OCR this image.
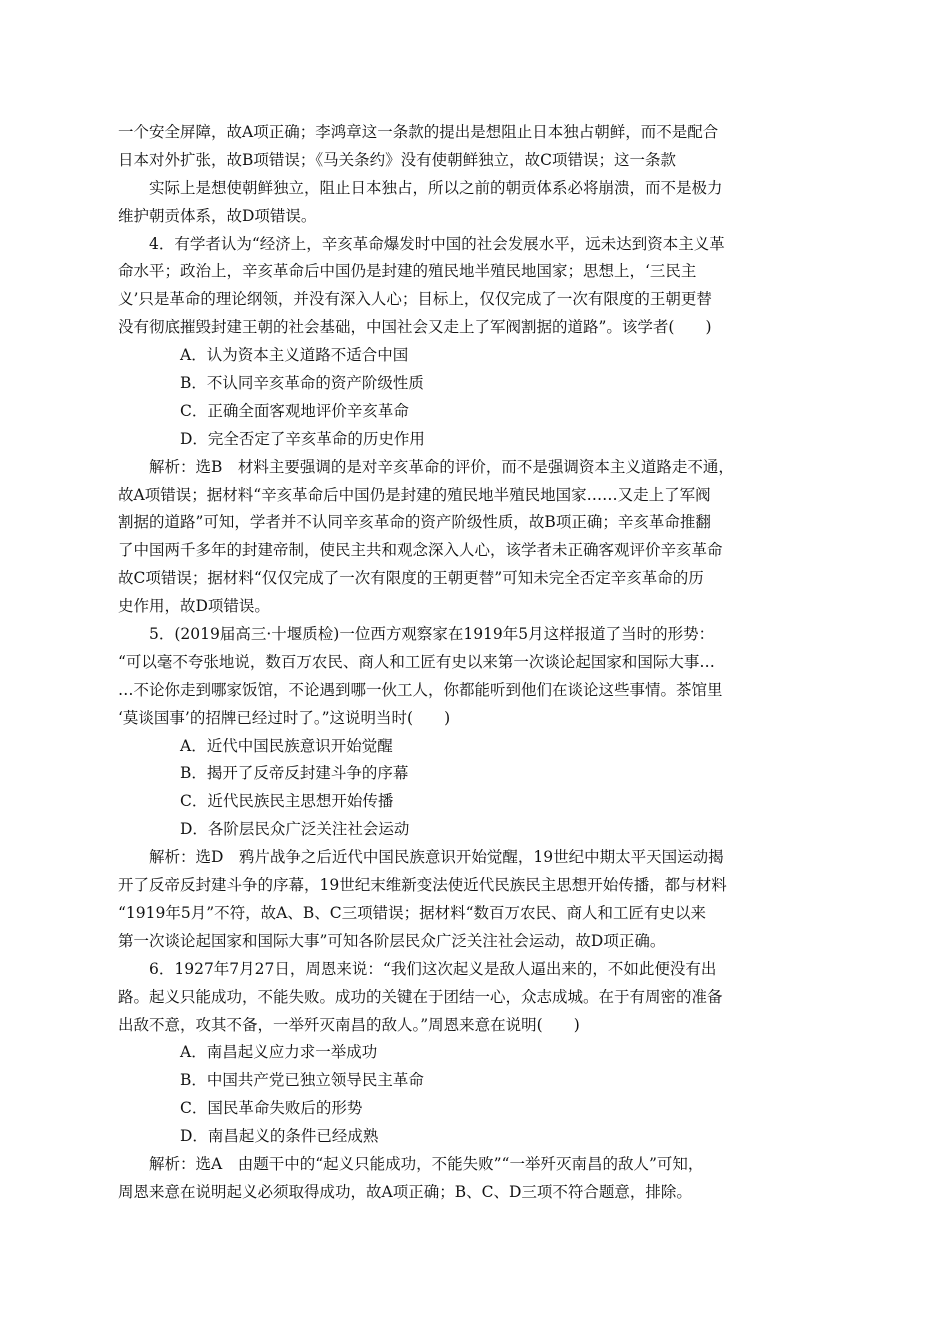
一个安全屏障，故A项正确；李鸿章这一条款的提出是想阻止日本独占朝鲜，而不是配合
日本对外扩张，故B项错误；《马关条约》没有使朝鲜独立，故C项错误；这一条款
实际上是想使朝鲜独立，阻止日本独占，所以之前的朝贡体系必将崩溃，而不是极力
维护朝贡体系，故D项错误。
4．有学者认为“经济上，辛亥革命爆发时中国的社会发展水平，远未达到资本主义革
命水平；政治上，辛亥革命后中国仍是封建的殖民地半殖民地国家；思想上，‘三民主
义’只是革命的理论纲领，并没有深入人心；目标上，仅仅完成了一次有限度的王朝更替
没有彻底摧毁封建王朝的社会基础，中国社会又走上了军阀割据的道路”。该学者(　　)
A．认为资本主义道路不适合中国
B．不认同辛亥革命的资产阶级性质
C．正确全面客观地评价辛亥革命
D．完全否定了辛亥革命的历史作用
解析：选B　材料主要强调的是对辛亥革命的评价，而不是强调资本主义道路走不通，
故A项错误；据材料“辛亥革命后中国仍是封建的殖民地半殖民地国家……又走上了军阀
割据的道路”可知，学者并不认同辛亥革命的资产阶级性质，故B项正确；辛亥革命推翻
了中国两千多年的封建帝制，使民主共和观念深入人心，该学者未正确客观评价辛亥革命
故C项错误；据材料“仅仅完成了一次有限度的王朝更替”可知未完全否定辛亥革命的历
史作用，故D项错误。
5．(2019届高三·十堰质检)一位西方观察家在1919年5月这样报道了当时的形势：
“可以毫不夸张地说，数百万农民、商人和工匠有史以来第一次谈论起国家和国际大事…
…不论你走到哪家饭馆，不论遇到哪一伙工人，你都能听到他们在谈论这些事情。茶馆里
‘莫谈国事’的招牌已经过时了。”这说明当时(　　)
A．近代中国民族意识开始觉醒
B．揭开了反帝反封建斗争的序幕
C．近代民族民主思想开始传播
D．各阶层民众广泛关注社会运动
解析：选D　鸦片战争之后近代中国民族意识开始觉醒，19世纪中期太平天国运动揭
开了反帝反封建斗争的序幕，19世纪末维新变法使近代民族民主思想开始传播，都与材料
“1919年5月”不符，故A、B、C三项错误；据材料“数百万农民、商人和工匠有史以来
第一次谈论起国家和国际大事”可知各阶层民众广泛关注社会运动，故D项正确。
6．1927年7月27日，周恩来说：“我们这次起义是敌人逼出来的，不如此便没有出
路。起义只能成功，不能失败。成功的关键在于团结一心，众志成城。在于有周密的准备
出敌不意，攻其不备，一举歼灭南昌的敌人。”周恩来意在说明(　　)
A．南昌起义应力求一举成功
B．中国共产党已独立领导民主革命
C．国民革命失败后的形势
D．南昌起义的条件已经成熟
解析：选A　由题干中的“起义只能成功，不能失败”“一举歼灭南昌的敌人”可知，
周恩来意在说明起义必须取得成功，故A项正确；B、C、D三项不符合题意，排除。
